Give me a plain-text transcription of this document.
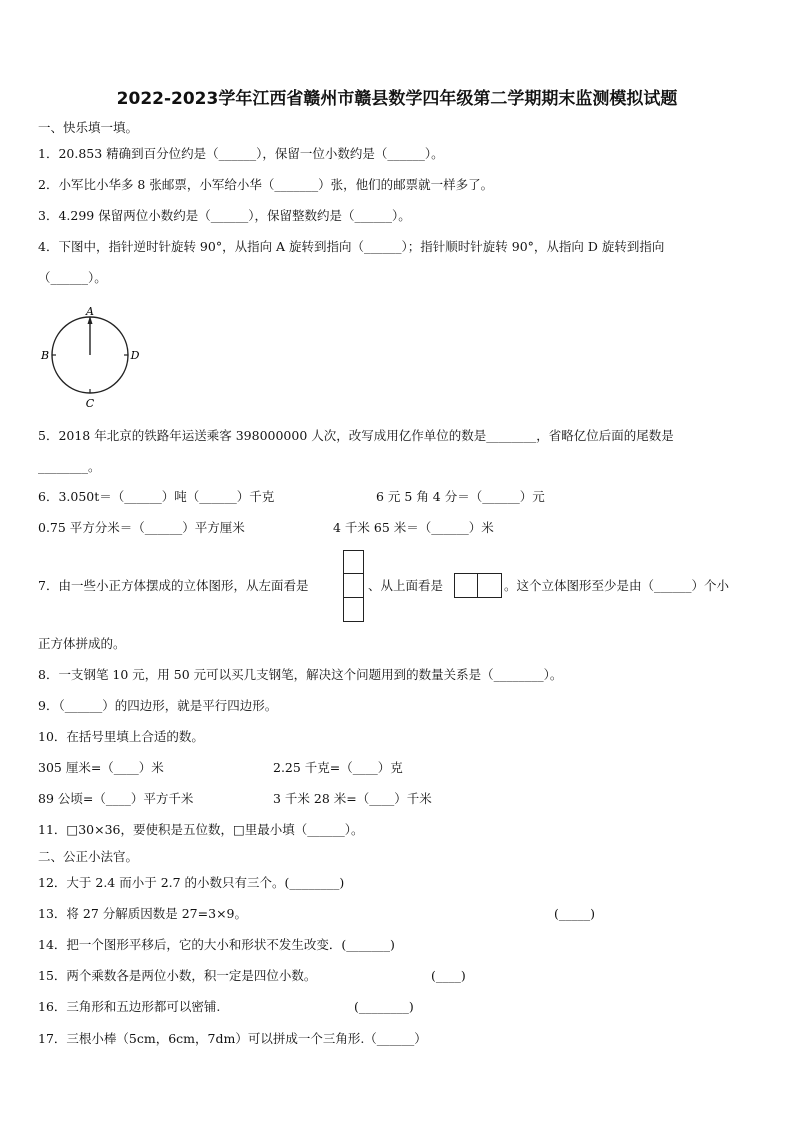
2022-2023学年江西省赣州市赣县数学四年级第二学期期末监测模拟试题
一、快乐填一填。
1．20.853 精确到百分位约是（______），保留一位小数约是（______）。
2．小军比小华多 8 张邮票，小军给小华（_______）张，他们的邮票就一样多了。
3．4.299 保留两位小数约是（______），保留整数约是（______）。
4．下图中，指针逆时针旋转 90°，从指向 A 旋转到指向（______）；指针顺时针旋转 90°，从指向 D 旋转到指向
（______）。
A
B
C
D
5．2018 年北京的铁路年运送乘客 398000000 人次，改写成用亿作单位的数是________，省略亿位后面的尾数是
________。
6．3.050t＝（______）吨（______）千克	6 元 5 角 4 分＝（______）元
0.75 平方分米＝（______）平方厘米	4 千米 65 米＝（______）米
7．由一些小正方体摆成的立体图形，从左面看是	、从上面看是	。这个立体图形至少是由（______）个小
正方体拼成的。
8．一支钢笔 10 元，用 50 元可以买几支钢笔，解决这个问题用到的数量关系是（________）。
9．（______）的四边形，就是平行四边形。
10．在括号里填上合适的数。
305 厘米=（____）米	2.25 千克=（____）克
89 公顷=（____）平方千米	3 千米 28 米=（____）千米
11．□30×36，要使积是五位数，□里最小填（______）。
二、公正小法官。
12．大于 2.4 而小于 2.7 的小数只有三个。(________)
13．将 27 分解质因数是 27=3×9。	(_____)
14．把一个图形平移后，它的大小和形状不发生改变．(_______)
15．两个乘数各是两位小数，积一定是四位小数。	(____)
16．三角形和五边形都可以密铺.	(________)
17．三根小棒（5cm，6cm，7dm）可以拼成一个三角形.（______）
